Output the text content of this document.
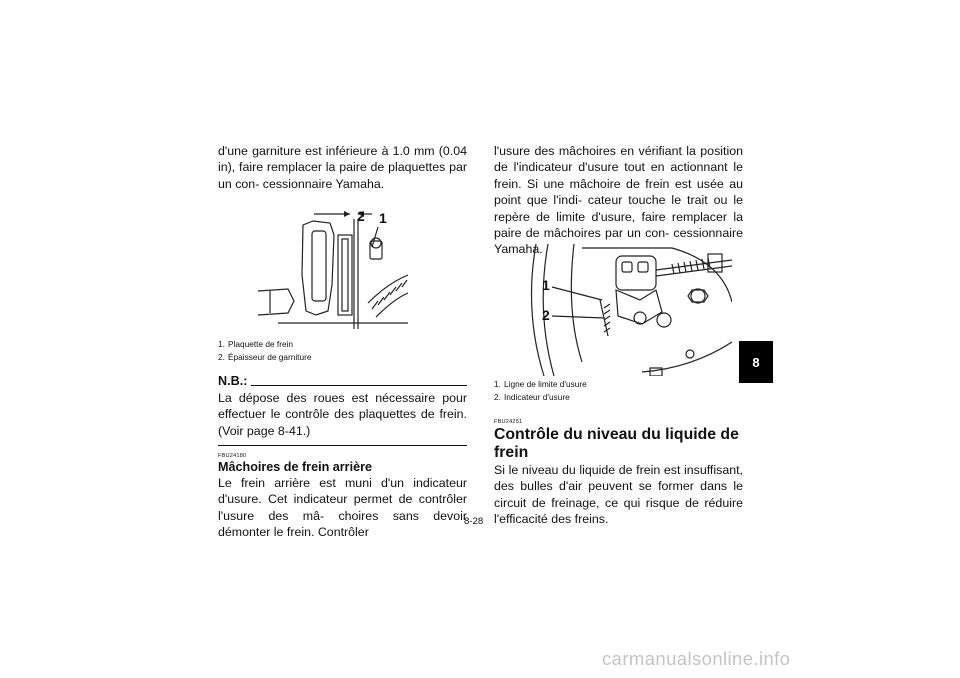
d'une garniture est inférieure à 1.0 mm (0.04 in), faire remplacer la paire de plaquettes par un con- cessionnaire Yamaha.

2 1

1. Plaquette de frein

2. Épaisseur de garniture

N.B.:

La dépose des roues est nécessaire pour effectuer le contrôle des plaquettes de frein. (Voir page 8-41.)

FBU24180

Mâchoires de frein arrière

Le frein arrière est muni d'un indicateur d'usure. Cet indicateur permet de contrôler l'usure des mâ- choires sans devoir démonter le frein. Contrôler

l'usure des mâchoires en vérifiant la position de l'indicateur d'usure tout en actionnant le frein. Si une mâchoire de frein est usée au point que l'indi- cateur touche le trait ou le repère de limite d'usure, faire remplacer la paire de mâchoires par un con- cessionnaire Yamaha.

1
2

1. Ligne de limite d'usure

2. Indicateur d'usure

FBU24251

Contrôle du niveau du liquide de frein

Si le niveau du liquide de frein est insuffisant, des bulles d'air peuvent se former dans le circuit de freinage, ce qui risque de réduire l'efficacité des freins.

8
8-28
carmanualsonline.info
